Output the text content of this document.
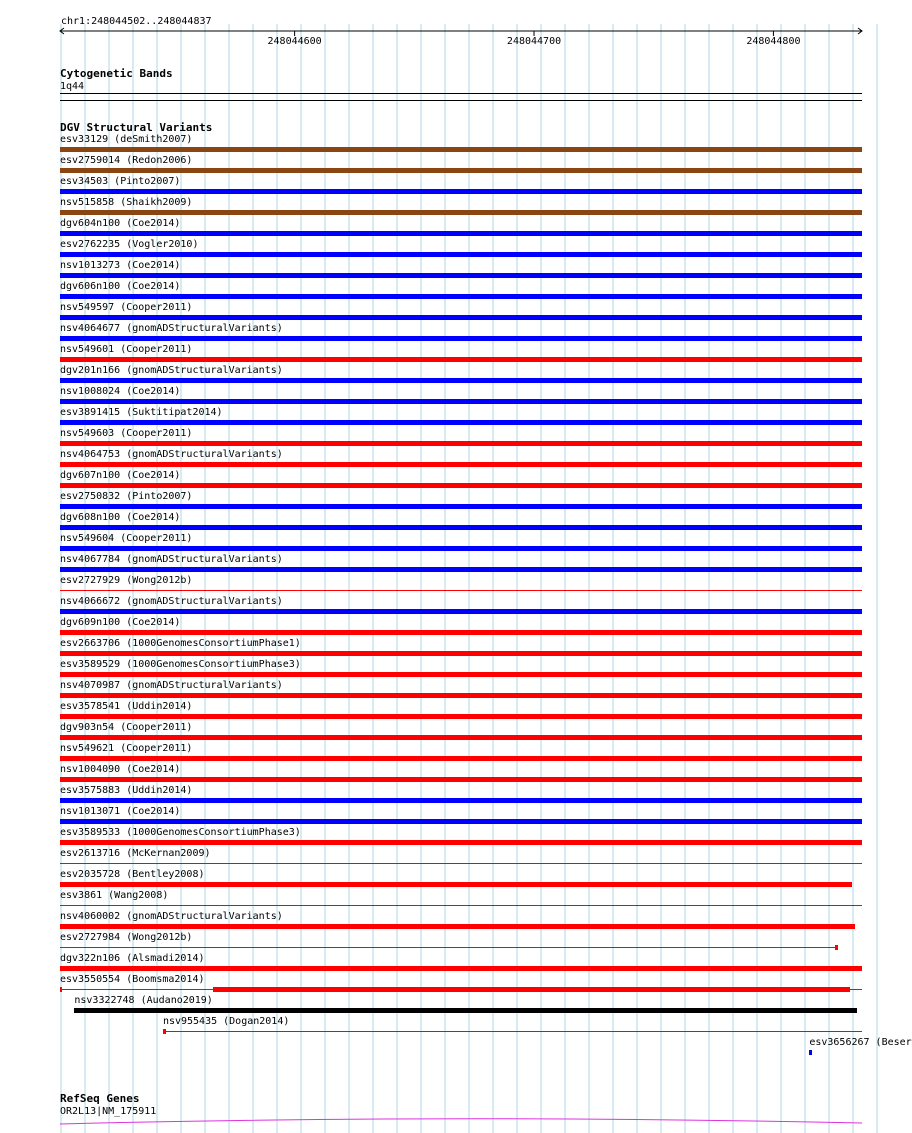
chr1:248044502..248044837
248044600	248044700	248044800
Cytogenetic Bands
1q44
DGV Structural Variants
esv33129 (deSmith2007)
esv2759014 (Redon2006)
esv34503 (Pinto2007)
nsv515858 (Shaikh2009)
dgv604n100 (Coe2014)
esv2762235 (Vogler2010)
nsv1013273 (Coe2014)
dgv606n100 (Coe2014)
nsv549597 (Cooper2011)
nsv4064677 (gnomADStructuralVariants)
nsv549601 (Cooper2011)
dgv201n166 (gnomADStructuralVariants)
nsv1008024 (Coe2014)
esv3891415 (Suktitipat2014)
nsv549603 (Cooper2011)
nsv4064753 (gnomADStructuralVariants)
dgv607n100 (Coe2014)
esv2750832 (Pinto2007)
dgv608n100 (Coe2014)
nsv549604 (Cooper2011)
nsv4067784 (gnomADStructuralVariants)
esv2727929 (Wong2012b)
nsv4066672 (gnomADStructuralVariants)
dgv609n100 (Coe2014)
esv2663706 (1000GenomesConsortiumPhase1)
esv3589529 (1000GenomesConsortiumPhase3)
nsv4070987 (gnomADStructuralVariants)
esv3578541 (Uddin2014)
dgv903n54 (Cooper2011)
nsv549621 (Cooper2011)
nsv1004090 (Coe2014)
esv3575883 (Uddin2014)
nsv1013071 (Coe2014)
esv3589533 (1000GenomesConsortiumPhase3)
esv2613716 (McKernan2009)
esv2035728 (Bentley2008)
esv3861 (Wang2008)
nsv4060002 (gnomADStructuralVariants)
esv2727984 (Wong2012b)
dgv322n106 (Alsmadi2014)
esv3550554 (Boomsma2014)
nsv3322748 (Audano2019)
nsv955435 (Dogan2014)
esv3656267 (Beser
RefSeq Genes
OR2L13|NM_175911
